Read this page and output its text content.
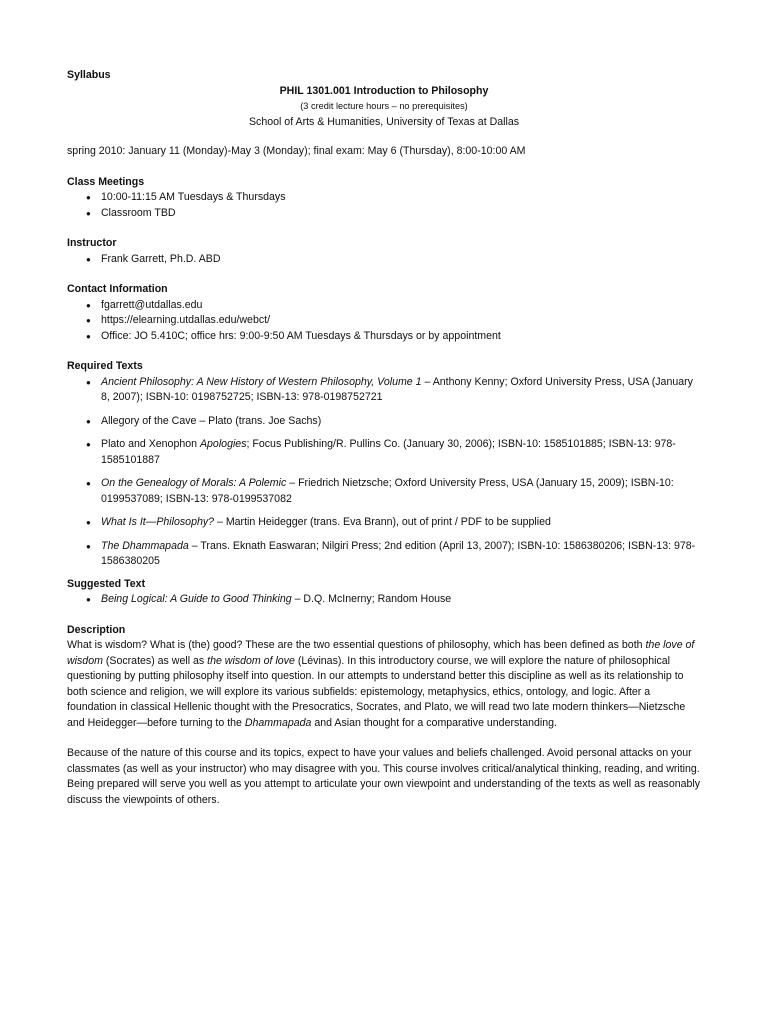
Syllabus
PHIL 1301.001 Introduction to Philosophy
(3 credit lecture hours – no prerequisites)
School of Arts & Humanities, University of Texas at Dallas
spring 2010: January 11 (Monday)-May 3 (Monday); final exam: May 6 (Thursday), 8:00-10:00 AM
Class Meetings
● 10:00-11:15 AM Tuesdays & Thursdays
● Classroom TBD
Instructor
● Frank Garrett, Ph.D. ABD
Contact Information
● fgarrett@utdallas.edu
● https://elearning.utdallas.edu/webct/
● Office: JO 5.410C; office hrs: 9:00-9:50 AM Tuesdays & Thursdays or by appointment
Required Texts
● Ancient Philosophy: A New History of Western Philosophy, Volume 1 – Anthony Kenny; Oxford University Press, USA (January 8, 2007); ISBN-10: 0198752725; ISBN-13: 978-0198752721
● Allegory of the Cave – Plato (trans. Joe Sachs)
● Plato and Xenophon Apologies; Focus Publishing/R. Pullins Co. (January 30, 2006); ISBN-10: 1585101885; ISBN-13: 978-1585101887
● On the Genealogy of Morals: A Polemic – Friedrich Nietzsche; Oxford University Press, USA (January 15, 2009); ISBN-10: 0199537089; ISBN-13: 978-0199537082
● What Is It—Philosophy? – Martin Heidegger (trans. Eva Brann), out of print / PDF to be supplied
● The Dhammapada – Trans. Eknath Easwaran; Nilgiri Press; 2nd edition (April 13, 2007); ISBN-10: 1586380206; ISBN-13: 978-1586380205
Suggested Text
● Being Logical: A Guide to Good Thinking – D.Q. McInerny; Random House
Description

What is wisdom? What is (the) good? These are the two essential questions of philosophy, which has been defined as both the love of wisdom (Socrates) as well as the wisdom of love (Lévinas). In this introductory course, we will explore the nature of philosophical questioning by putting philosophy itself into question. In our attempts to understand better this discipline as well as its relationship to both science and religion, we will explore its various subfields: epistemology, metaphysics, ethics, ontology, and logic. After a foundation in classical Hellenic thought with the Presocratics, Socrates, and Plato, we will read two late modern thinkers—Nietzsche and Heidegger—before turning to the Dhammapada and Asian thought for a comparative understanding.

Because of the nature of this course and its topics, expect to have your values and beliefs challenged. Avoid personal attacks on your classmates (as well as your instructor) who may disagree with you. This course involves critical/analytical thinking, reading, and writing. Being prepared will serve you well as you attempt to articulate your own viewpoint and understanding of the texts as well as reasonably discuss the viewpoints of others.
